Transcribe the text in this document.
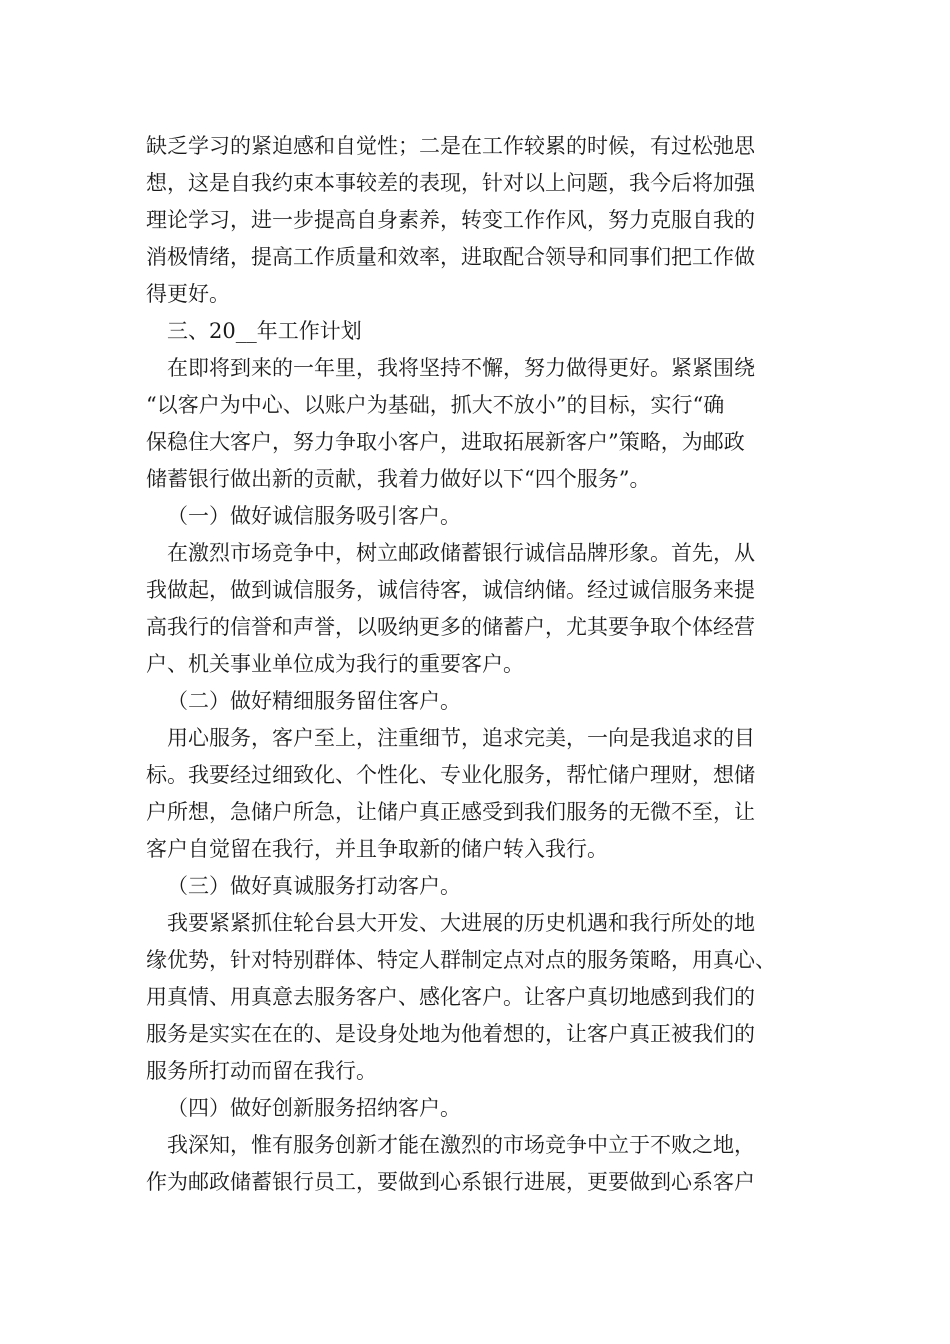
缺乏学习的紧迫感和自觉性；二是在工作较累的时候，有过松弛思
想，这是自我约束本事较差的表现，针对以上问题，我今后将加强
理论学习，进一步提高自身素养，转变工作作风，努力克服自我的
消极情绪，提高工作质量和效率，进取配合领导和同事们把工作做
得更好。
三、20__年工作计划
在即将到来的一年里，我将坚持不懈，努力做得更好。紧紧围绕
“以客户为中心、以账户为基础，抓大不放小”的目标，实行“确
保稳住大客户，努力争取小客户，进取拓展新客户”策略，为邮政
储蓄银行做出新的贡献，我着力做好以下“四个服务”。
（一）做好诚信服务吸引客户。
在激烈市场竞争中，树立邮政储蓄银行诚信品牌形象。首先，从
我做起，做到诚信服务，诚信待客，诚信纳储。经过诚信服务来提
高我行的信誉和声誉，以吸纳更多的储蓄户，尤其要争取个体经营
户、机关事业单位成为我行的重要客户。
（二）做好精细服务留住客户。
用心服务，客户至上，注重细节，追求完美，一向是我追求的目
标。我要经过细致化、个性化、专业化服务，帮忙储户理财，想储
户所想，急储户所急，让储户真正感受到我们服务的无微不至，让
客户自觉留在我行，并且争取新的储户转入我行。
（三）做好真诚服务打动客户。
我要紧紧抓住轮台县大开发、大进展的历史机遇和我行所处的地
缘优势，针对特别群体、特定人群制定点对点的服务策略，用真心、
用真情、用真意去服务客户、感化客户。让客户真切地感到我们的
服务是实实在在的、是设身处地为他着想的，让客户真正被我们的
服务所打动而留在我行。
（四）做好创新服务招纳客户。
我深知，惟有服务创新才能在激烈的市场竞争中立于不败之地，
作为邮政储蓄银行员工，要做到心系银行进展，更要做到心系客户
